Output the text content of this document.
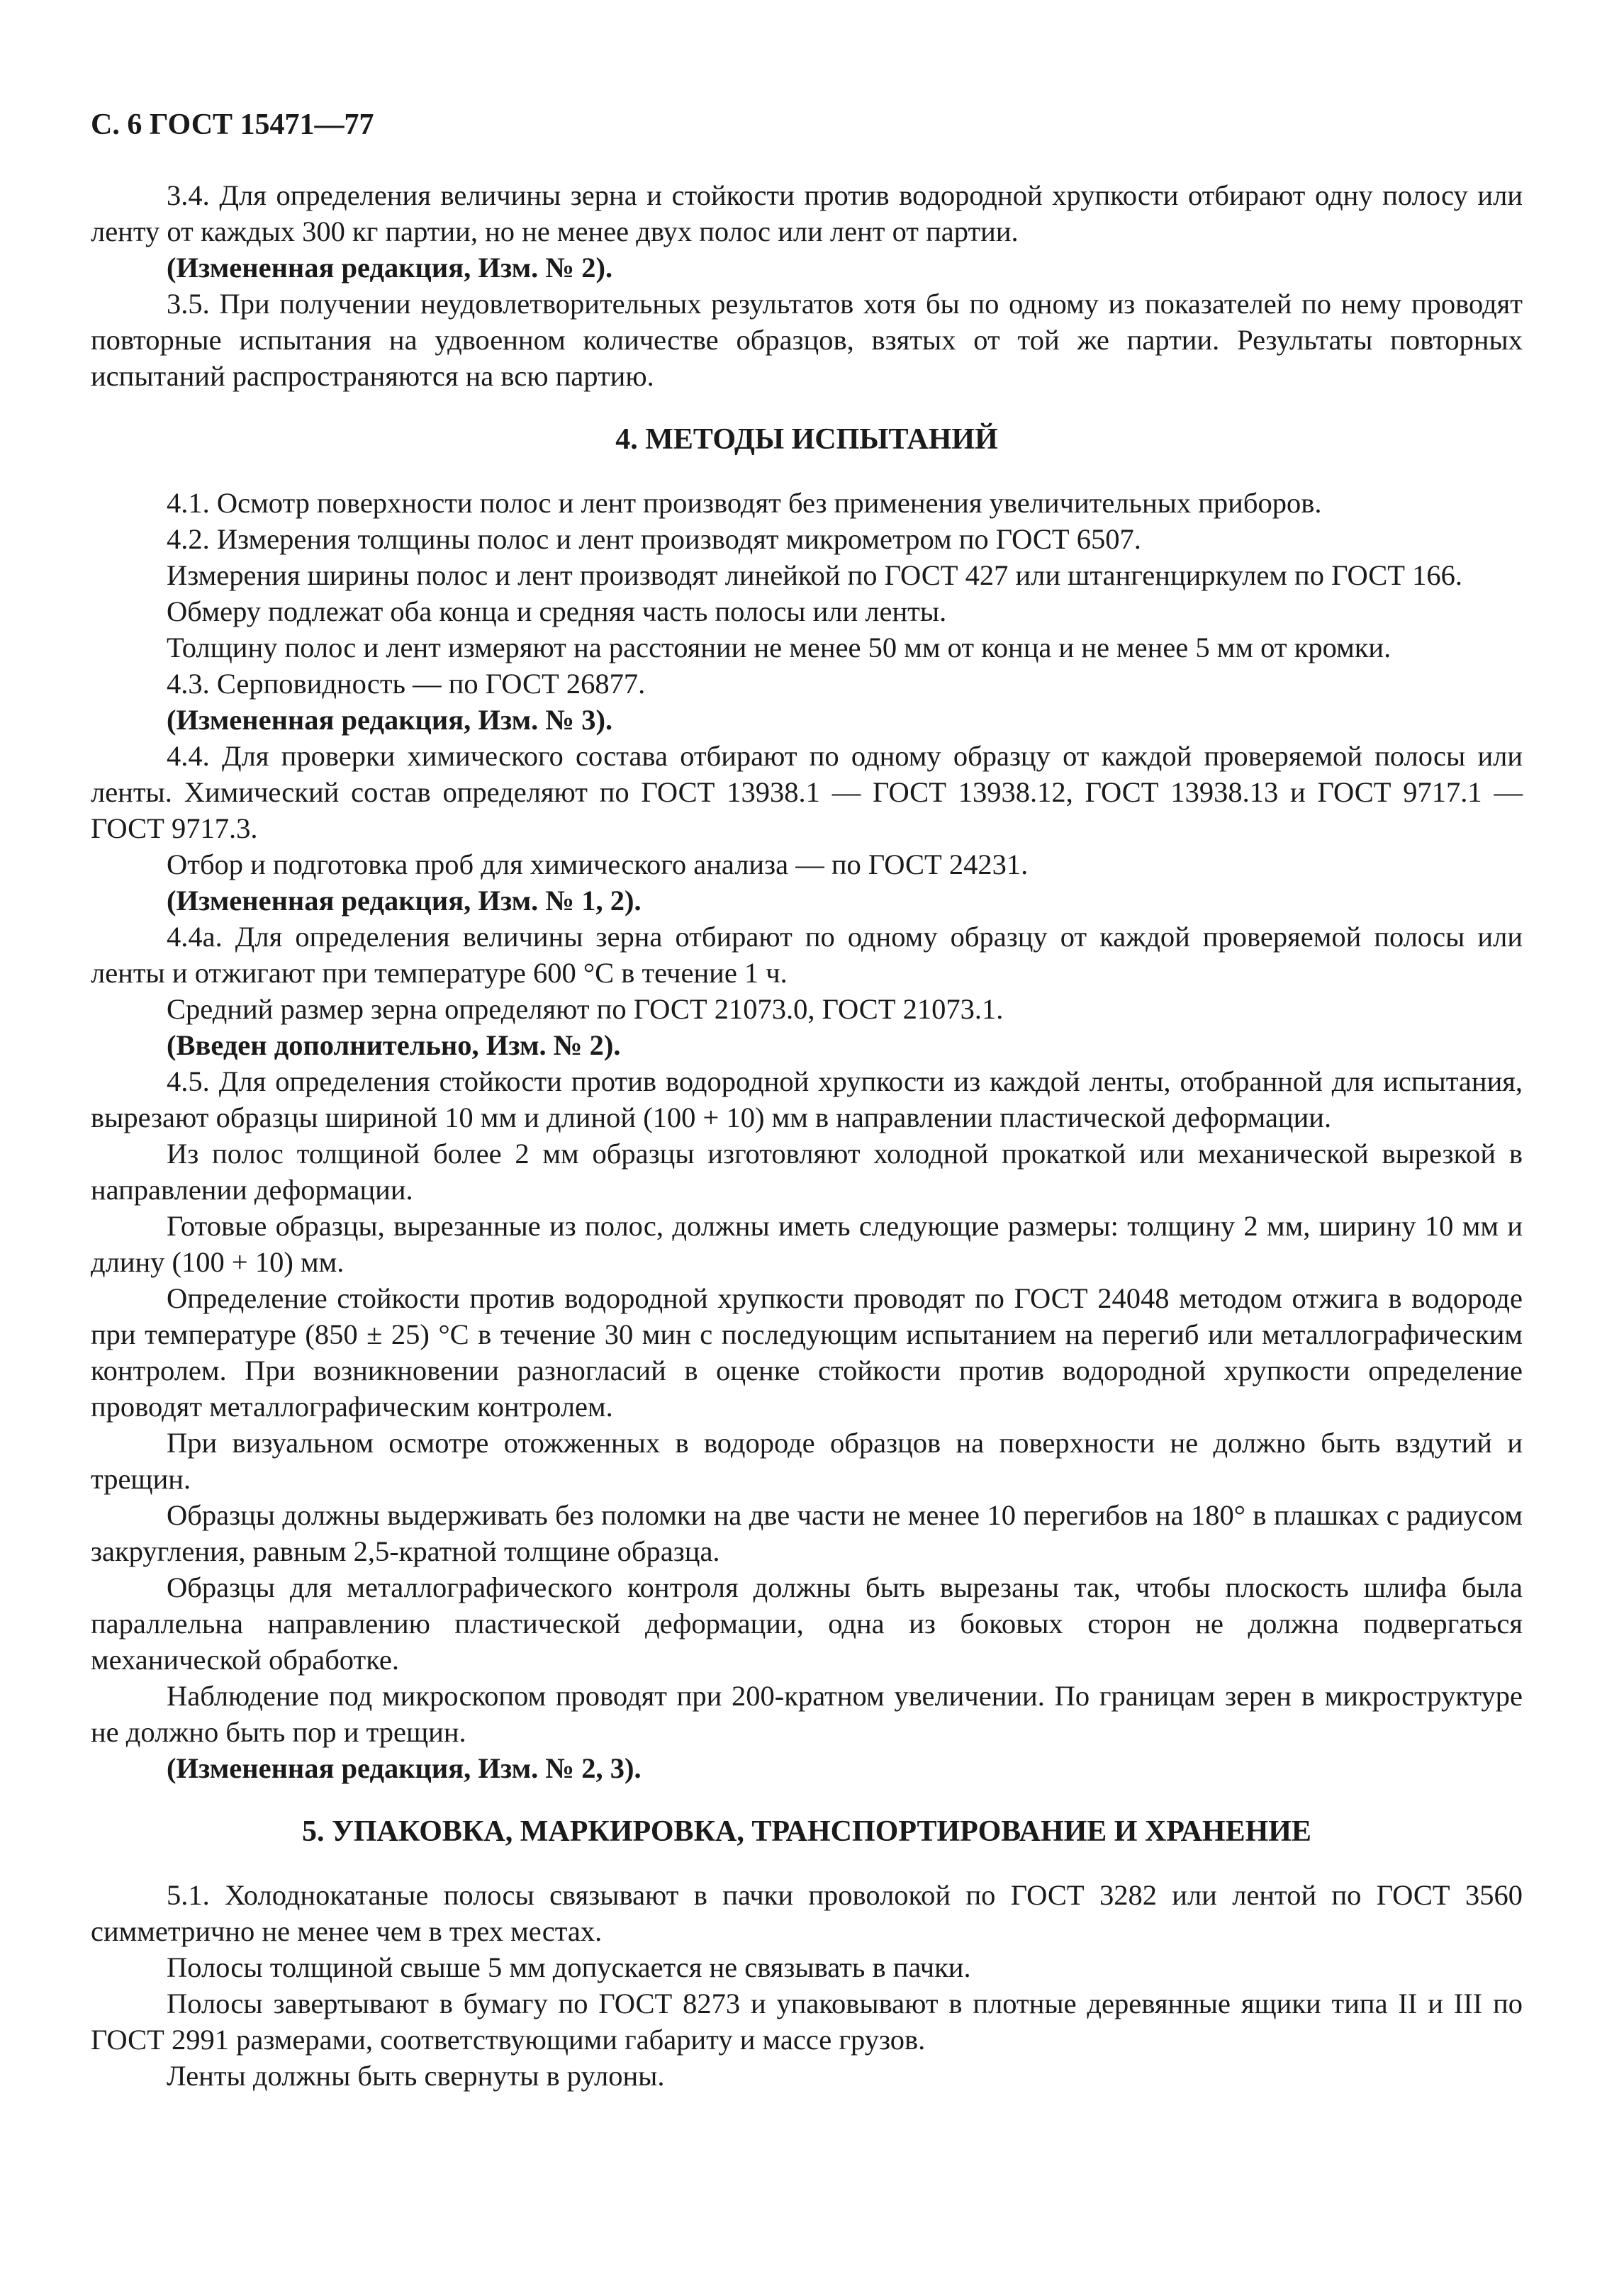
С. 6 ГОСТ 15471—77

3.4. Для определения величины зерна и стойкости против водородной хрупкости отбирают одну полосу или ленту от каждых 300 кг партии, но не менее двух полос или лент от партии.

(Измененная редакция, Изм. № 2).

3.5. При получении неудовлетворительных результатов хотя бы по одному из показателей по нему проводят повторные испытания на удвоенном количестве образцов, взятых от той же партии. Результаты повторных испытаний распространяются на всю партию.

4. МЕТОДЫ ИСПЫТАНИЙ

4.1. Осмотр поверхности полос и лент производят без применения увеличительных приборов.

4.2. Измерения толщины полос и лент производят микрометром по ГОСТ 6507.

Измерения ширины полос и лент производят линейкой по ГОСТ 427 или штангенциркулем по ГОСТ 166.

Обмеру подлежат оба конца и средняя часть полосы или ленты.

Толщину полос и лент измеряют на расстоянии не менее 50 мм от конца и не менее 5 мм от кромки.

4.3. Серповидность — по ГОСТ 26877.

(Измененная редакция, Изм. № 3).

4.4. Для проверки химического состава отбирают по одному образцу от каждой проверяемой полосы или ленты. Химический состав определяют по ГОСТ 13938.1 — ГОСТ 13938.12, ГОСТ 13938.13 и ГОСТ 9717.1 — ГОСТ 9717.3.

Отбор и подготовка проб для химического анализа — по ГОСТ 24231.

(Измененная редакция, Изм. № 1, 2).

4.4а. Для определения величины зерна отбирают по одному образцу от каждой проверяемой полосы или ленты и отжигают при температуре 600 °С в течение 1 ч.

Средний размер зерна определяют по ГОСТ 21073.0, ГОСТ 21073.1.

(Введен дополнительно, Изм. № 2).

4.5. Для определения стойкости против водородной хрупкости из каждой ленты, отобранной для испытания, вырезают образцы шириной 10 мм и длиной (100 + 10) мм в направлении пластической деформации.

Из полос толщиной более 2 мм образцы изготовляют холодной прокаткой или механической вырезкой в направлении деформации.

Готовые образцы, вырезанные из полос, должны иметь следующие размеры: толщину 2 мм, ширину 10 мм и длину (100 + 10) мм.

Определение стойкости против водородной хрупкости проводят по ГОСТ 24048 методом отжига в водороде при температуре (850 ± 25) °С в течение 30 мин с последующим испытанием на перегиб или металлографическим контролем. При возникновении разногласий в оценке стойкости против водородной хрупкости определение проводят металлографическим контролем.

При визуальном осмотре отожженных в водороде образцов на поверхности не должно быть вздутий и трещин.

Образцы должны выдерживать без поломки на две части не менее 10 перегибов на 180° в плашках с радиусом закругления, равным 2,5-кратной толщине образца.

Образцы для металлографического контроля должны быть вырезаны так, чтобы плоскость шлифа была параллельна направлению пластической деформации, одна из боковых сторон не должна подвергаться механической обработке.

Наблюдение под микроскопом проводят при 200-кратном увеличении. По границам зерен в микроструктуре не должно быть пор и трещин.

(Измененная редакция, Изм. № 2, 3).

5. УПАКОВКА, МАРКИРОВКА, ТРАНСПОРТИРОВАНИЕ И ХРАНЕНИЕ

5.1. Холоднокатаные полосы связывают в пачки проволокой по ГОСТ 3282 или лентой по ГОСТ 3560 симметрично не менее чем в трех местах.

Полосы толщиной свыше 5 мм допускается не связывать в пачки.

Полосы завертывают в бумагу по ГОСТ 8273 и упаковывают в плотные деревянные ящики типа II и III по ГОСТ 2991 размерами, соответствующими габариту и массе грузов.

Ленты должны быть свернуты в рулоны.
